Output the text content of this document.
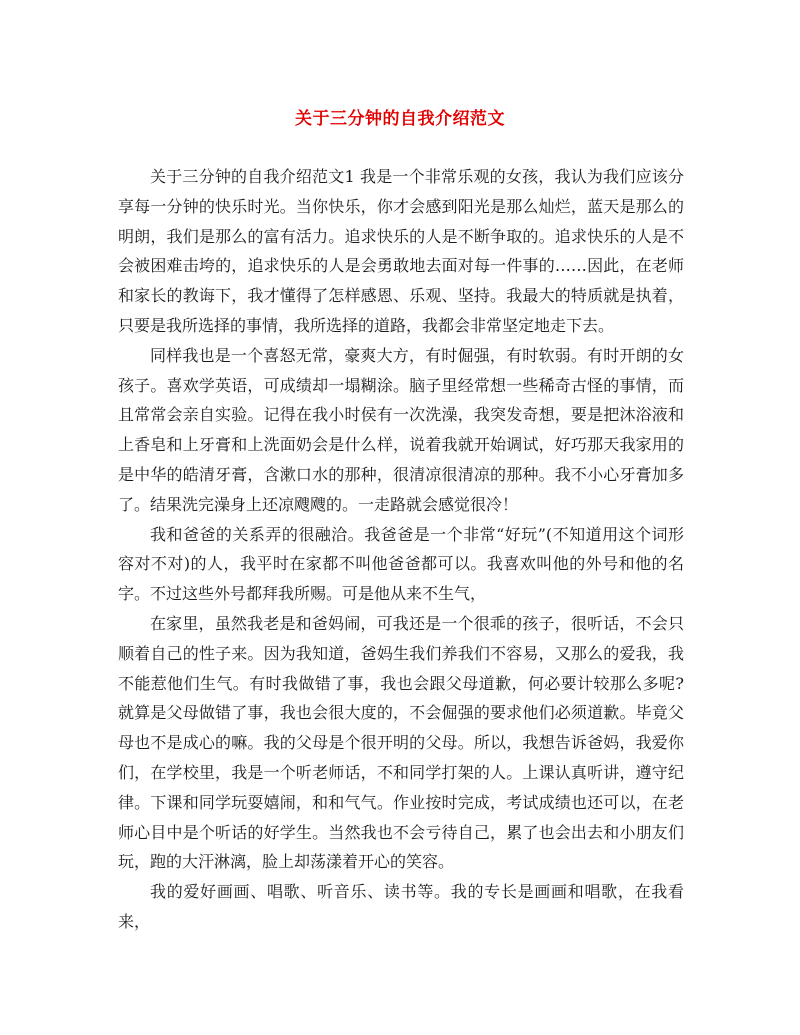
关于三分钟的自我介绍范文

关于三分钟的自我介绍范文1 我是一个非常乐观的女孩，我认为我们应该分享每一分钟的快乐时光。当你快乐，你才会感到阳光是那么灿烂，蓝天是那么的明朗，我们是那么的富有活力。追求快乐的人是不断争取的。追求快乐的人是不会被困难击垮的，追求快乐的人是会勇敢地去面对每一件事的……因此，在老师和家长的教诲下，我才懂得了怎样感恩、乐观、坚持。我最大的特质就是执着，只要是我所选择的事情，我所选择的道路，我都会非常坚定地走下去。

同样我也是一个喜怒无常，豪爽大方，有时倔强，有时软弱。有时开朗的女孩子。喜欢学英语，可成绩却一塌糊涂。脑子里经常想一些稀奇古怪的事情，而且常常会亲自实验。记得在我小时侯有一次洗澡，我突发奇想，要是把沐浴液和上香皂和上牙膏和上洗面奶会是什么样，说着我就开始调试，好巧那天我家用的是中华的皓清牙膏，含漱口水的那种，很清凉很清凉的那种。我不小心牙膏加多了。结果洗完澡身上还凉飕飕的。一走路就会感觉很冷！

我和爸爸的关系弄的很融洽。我爸爸是一个非常“好玩”(不知道用这个词形容对不对)的人，我平时在家都不叫他爸爸都可以。我喜欢叫他的外号和他的名字。不过这些外号都拜我所赐。可是他从来不生气，

在家里，虽然我老是和爸妈闹，可我还是一个很乖的孩子，很听话，不会只顺着自己的性子来。因为我知道，爸妈生我们养我们不容易，又那么的爱我，我不能惹他们生气。有时我做错了事，我也会跟父母道歉，何必要计较那么多呢?就算是父母做错了事，我也会很大度的，不会倔强的要求他们必须道歉。毕竟父母也不是成心的嘛。我的父母是个很开明的父母。所以，我想告诉爸妈，我爱你们，在学校里，我是一个听老师话，不和同学打架的人。上课认真听讲，遵守纪律。下课和同学玩耍嬉闹，和和气气。作业按时完成，考试成绩也还可以，在老师心目中是个听话的好学生。当然我也不会亏待自己，累了也会出去和小朋友们玩，跑的大汗淋漓，脸上却荡漾着开心的笑容。

我的爱好画画、唱歌、听音乐、读书等。我的专长是画画和唱歌，在我看来，
